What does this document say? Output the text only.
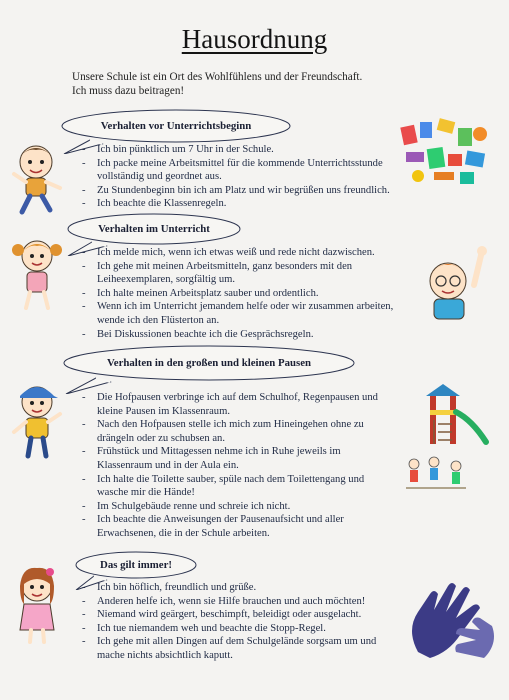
Hausordnung
Unsere Schule ist ein Ort des Wohlfühlens und der Freundschaft.
Ich muss dazu beitragen!
Verhalten vor Unterrichtsbeginn
- Ich bin pünktlich um 7 Uhr in der Schule.
- Ich packe meine Arbeitsmittel für die kommende Unterrichtsstunde
vollständig und geordnet aus.
- Zu Stundenbeginn bin ich am Platz und wir begrüßen uns freundlich.
- Ich beachte die Klassenregeln.
Verhalten im Unterricht
- Ich melde mich, wenn ich etwas weiß und rede nicht dazwischen.
- Ich gehe mit meinen Arbeitsmitteln, ganz besonders mit den
Leiheexemplaren, sorgfältig um.
- Ich halte meinen Arbeitsplatz sauber und ordentlich.
- Wenn ich im Unterricht jemandem helfe oder wir zusammen arbeiten,
wende ich den Flüsterton an.
- Bei Diskussionen beachte ich die Gesprächsregeln.
Verhalten in den großen und kleinen Pausen
- Die Hofpausen verbringe ich auf dem Schulhof, Regenpausen und
kleine Pausen im Klassenraum.
- Nach den Hofpausen stelle ich mich zum Hineingehen ohne zu
drängeln oder zu schubsen an.
- Frühstück und Mittagessen nehme ich in Ruhe jeweils im
Klassenraum und in der Aula ein.
- Ich halte die Toilette sauber, spüle nach dem Toilettengang und
wasche mir die Hände!
- Im Schulgebäude renne und schreie ich nicht.
- Ich beachte die Anweisungen der Pausenaufsicht und aller
Erwachsenen, die in der Schule arbeiten.
Das gilt immer!
- Ich bin höflich, freundlich und grüße.
- Anderen helfe ich, wenn sie Hilfe brauchen und auch möchten!
- Niemand wird geärgert, beschimpft, beleidigt oder ausgelacht.
- Ich tue niemandem weh und beachte die Stopp-Regel.
- Ich gehe mit allen Dingen auf dem Schulgelände sorgsam um und
mache nichts absichtlich kaputt.
